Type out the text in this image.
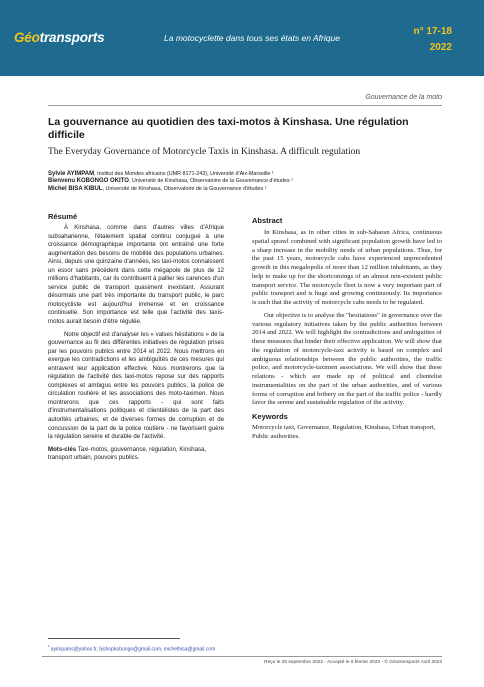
Géotransports	La motocyclette dans tous ses états en Afrique
n° 17-18
2022
Gouvernance de la moto
La gouvernance au quotidien des taxi-motos à Kinshasa. Une régulation difficile
The Everyday Governance of Motorcycle Taxis in Kinshasa. A difficult regulation
Sylvie AYIMPAM, Institut des Mondes africains (UMR 8171-243), Université d'Aix-Marseille ¹
Bienvenu KOBONGO OKITO, Université de Kinshasa, Observatoire de la Gouvernance d'études ¹
Michel BISA KIBUL, Université de Kinshasa, Observatoire de la Gouvernance d'études ¹
Résumé

À Kinshasa, comme dans d'autres villes d'Afrique subsaharienne, l'étalement spatial continu conjugué à une croissance démographique importante ont entraîné une forte augmentation des besoins de mobilité des populations urbaines. Ainsi, depuis une quinzaine d'années, les taxi-motos connaissent un essor sans précédent dans cette mégapole de plus de 12 millions d'habitants, car ils contribuent à pallier les carences d'un service public de transport quasiment inexistant. Assurant désormais une part très importante du transport public, le parc motocycliste est aujourd'hui immense et en croissance continuelle. Son importance est telle que l'activité des taxis-motos aurait besoin d'être régulée.

Notre objectif est d'analyser les « valses hésitations » de la gouvernance au fil des différentes initiatives de régulation prises par les pouvoirs publics entre 2014 et 2022. Nous mettrons en exergue les contradictions et les ambiguïtés de ces mesures qui entravent leur application effective. Nous montrerons que la régulation de l'activité des taxi-motos repose sur des rapports complexes et ambigus entre les pouvoirs publics, la police de circulation routière et les associations des moto-taximen. Nous montrerons que ces rapports - qui sont faits d'instrumentalisations politiques et clientélistes de la part des autorités urbaines, et de diverses formes de corruption et de concussion de la part de la police routière - ne favorisent guère la régulation sereine et durable de l'activité.

Mots-clés Taxi-motos, gouvernance, régulation, Kinshasa, transport urbain, pouvoirs publics.
Abstract

In Kinshasa, as in other cities in sub-Saharan Africa, continuous spatial sprawl combined with significant population growth have led to a sharp increase in the mobility needs of urban populations. Thus, for the past 15 years, motorcycle cabs have experienced unprecedented growth in this megalopolis of more than 12 million inhabitants, as they help to make up for the shortcomings of an almost non-existent public transport service. The motorcycle fleet is now a very important part of public transport and is huge and growing continuously. Its importance is such that the activity of motorcycle cabs needs to be regulated.

Our objective is to analyse the "hesitations" in governance over the various regulatory initiatives taken by the public authorities between 2014 and 2022. We will highlight the contradictions and ambiguities of these measures that hinder their effective application. We will show that the regulation of motorcycle-taxi activity is based on complex and ambiguous relationships between the public authorities, the traffic police, and motorcycle-taximen associations. We will show that these relations - which are made up of political and clientelist instrumentalities on the part of the urban authorities, and of various forms of corruption and bribery on the part of the traffic police - hardly favor the serene and sustainable regulation of the activity.

Keywords
Motorcycle taxi, Governance, Regulation, Kinshasa, Urban transport, Public authorities.
$^{^1}$ ayimpams@yahoo.fr, bishopkobongo@gmail.com, michelbisa@gmail.com
Reçu le 25 septembre 2022 - Accepté le 6 février 2023 - © Géotransports Avril 2023
